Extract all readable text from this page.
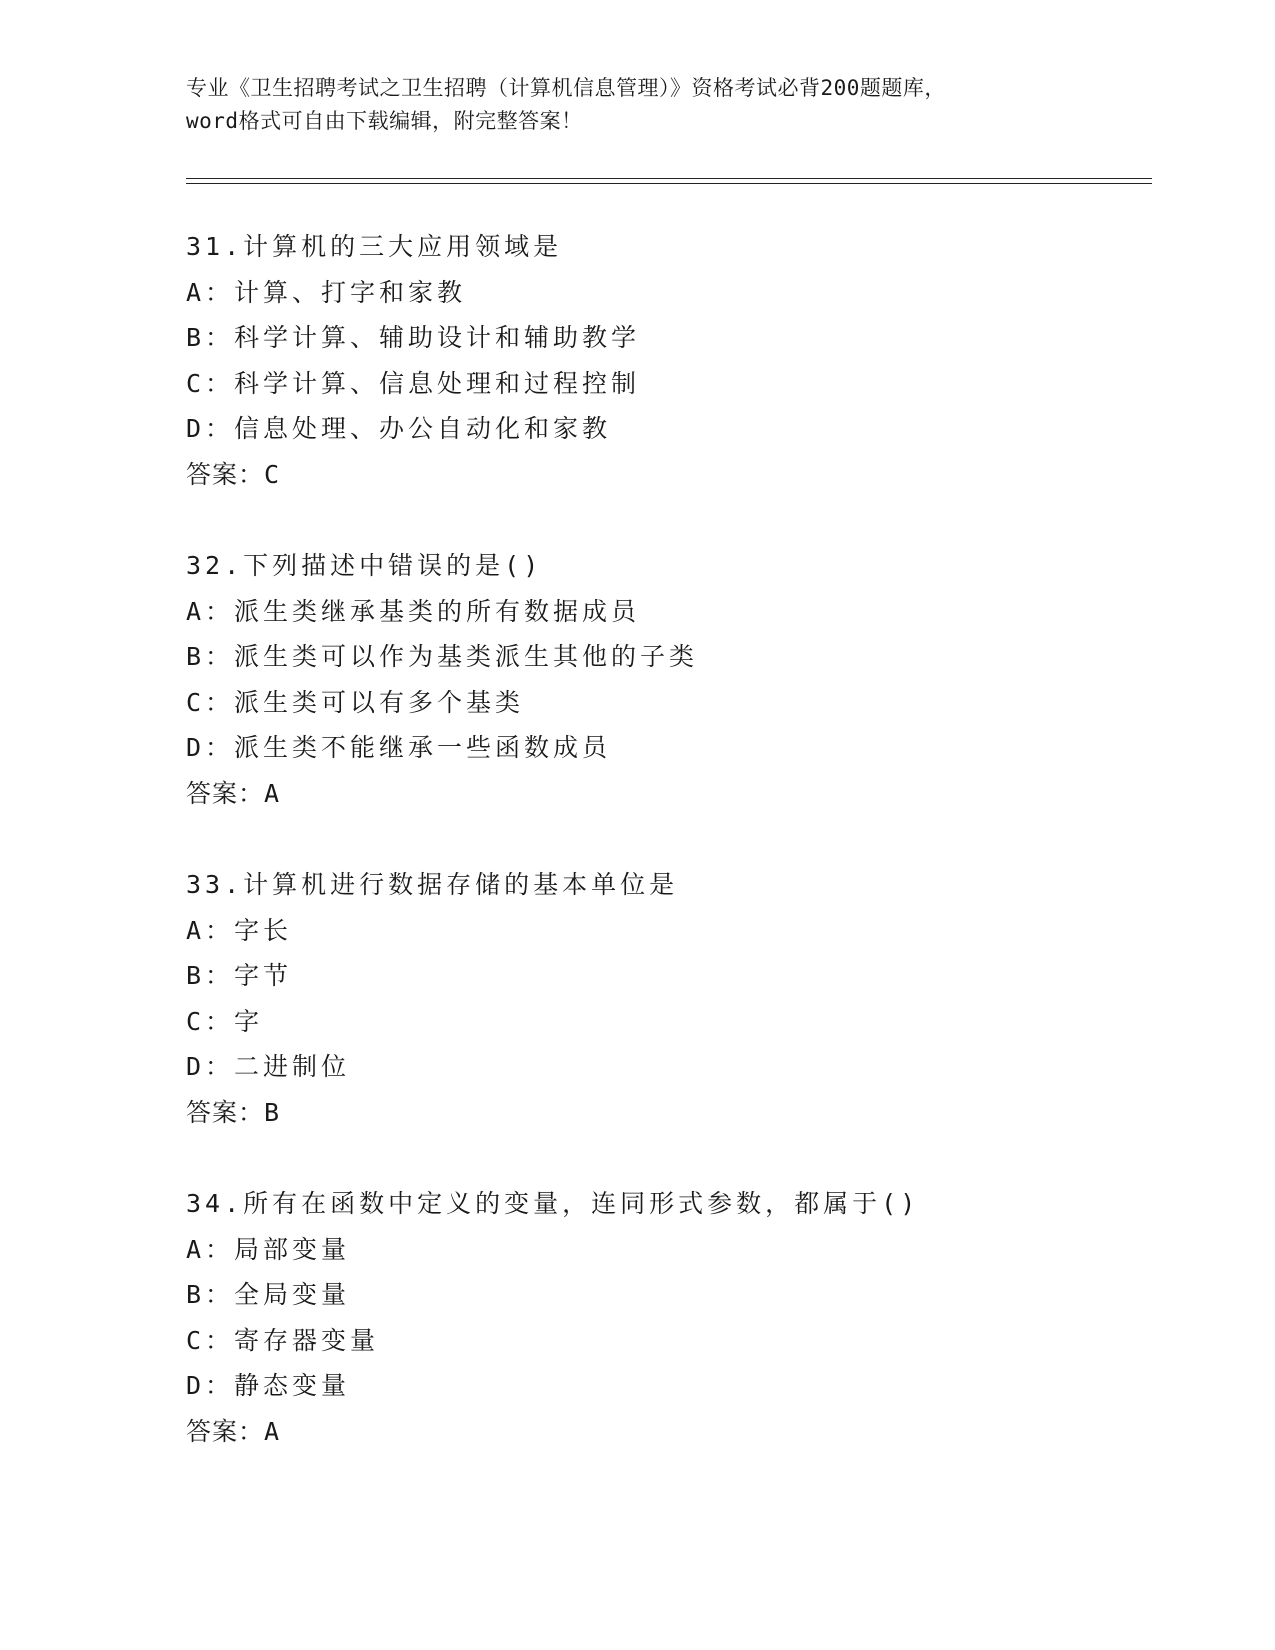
专业《卫生招聘考试之卫生招聘（计算机信息管理）》资格考试必背200题题库，
word格式可自由下载编辑，附完整答案！
31.计算机的三大应用领域是
A：计算、打字和家教
B：科学计算、辅助设计和辅助教学
C：科学计算、信息处理和过程控制
D：信息处理、办公自动化和家教
答案：C
32.下列描述中错误的是()
A：派生类继承基类的所有数据成员
B：派生类可以作为基类派生其他的子类
C：派生类可以有多个基类
D：派生类不能继承一些函数成员
答案：A
33.计算机进行数据存储的基本单位是
A：字长
B：字节
C：字
D：二进制位
答案：B
34.所有在函数中定义的变量，连同形式参数，都属于()
A：局部变量
B：全局变量
C：寄存器变量
D：静态变量
答案：A
